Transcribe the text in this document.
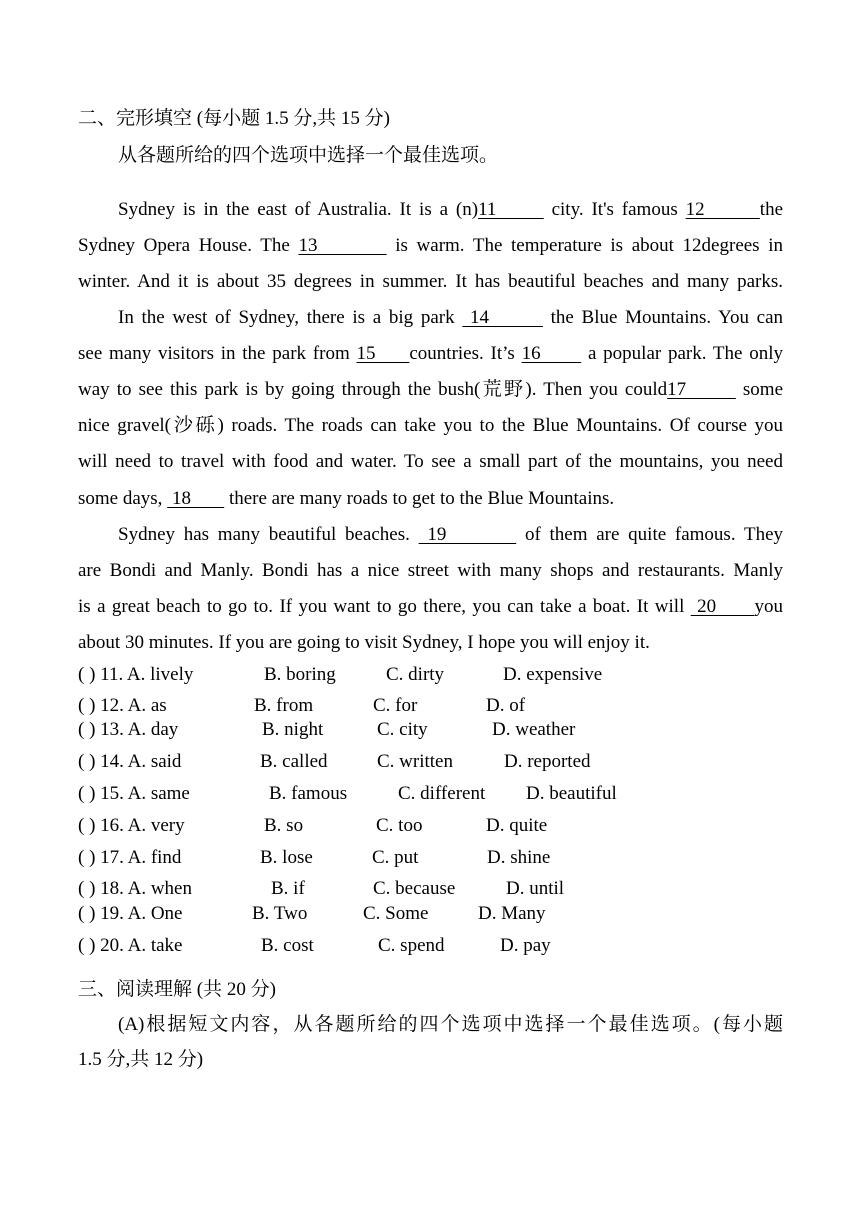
二、完形填空 (每小题 1.5 分,共 15 分)
从各题所给的四个选项中选择一个最佳选项。
Sydney is in the east of Australia. It is a (n)11       city. It's famous 12       the
Sydney Opera House. The 13         is warm. The temperature is about 12degrees in
winter. And it is about 35 degrees in summer. It has beautiful beaches and many parks.
In the west of Sydney, there is a big park  14        the Blue Mountains. You can
see many visitors in the park from 15     countries. It’s 16       a popular park. The only
way to see this park is by going through the bush(荒野). Then you could17        some
nice gravel(沙砾) roads. The roads can take you to the Blue Mountains. Of course you
will need to travel with food and water. To see a small part of the mountains, you need
some days,  18        there are many roads to get to the Blue Mountains.
Sydney has many beautiful beaches.  19         of them are quite famous. They
are Bondi and Manly. Bondi has a nice street with many shops and restaurants. Manly
is a great beach to go to. If you want to go there, you can take a boat. It will  20      you
about 30 minutes. If you are going to visit Sydney, I hope you will enjoy it.
( ) 11. A. lively	B. boring	C. dirty	D. expensive
( ) 12. A. as	B. from	C. for	D. of
( ) 13. A. day	B. night	C. city	D. weather
( ) 14. A. said	B. called	C. written	D. reported
( ) 15. A. same	B. famous	C. different D. beautiful
( ) 16. A. very	B. so	C. too	D. quite
( ) 17. A. find	B. lose	C. put	D. shine
( ) 18. A. when	B. if	C. because	D. until
( ) 19. A. One	B. Two	C. Some	D. Many
( ) 20. A. take	B. cost	C. spend	D. pay
三、阅读理解 (共 20 分)
(A)根据短文内容，从各题所给的四个选项中选择一个最佳选项。(每小题
1.5 分,共 12 分)
